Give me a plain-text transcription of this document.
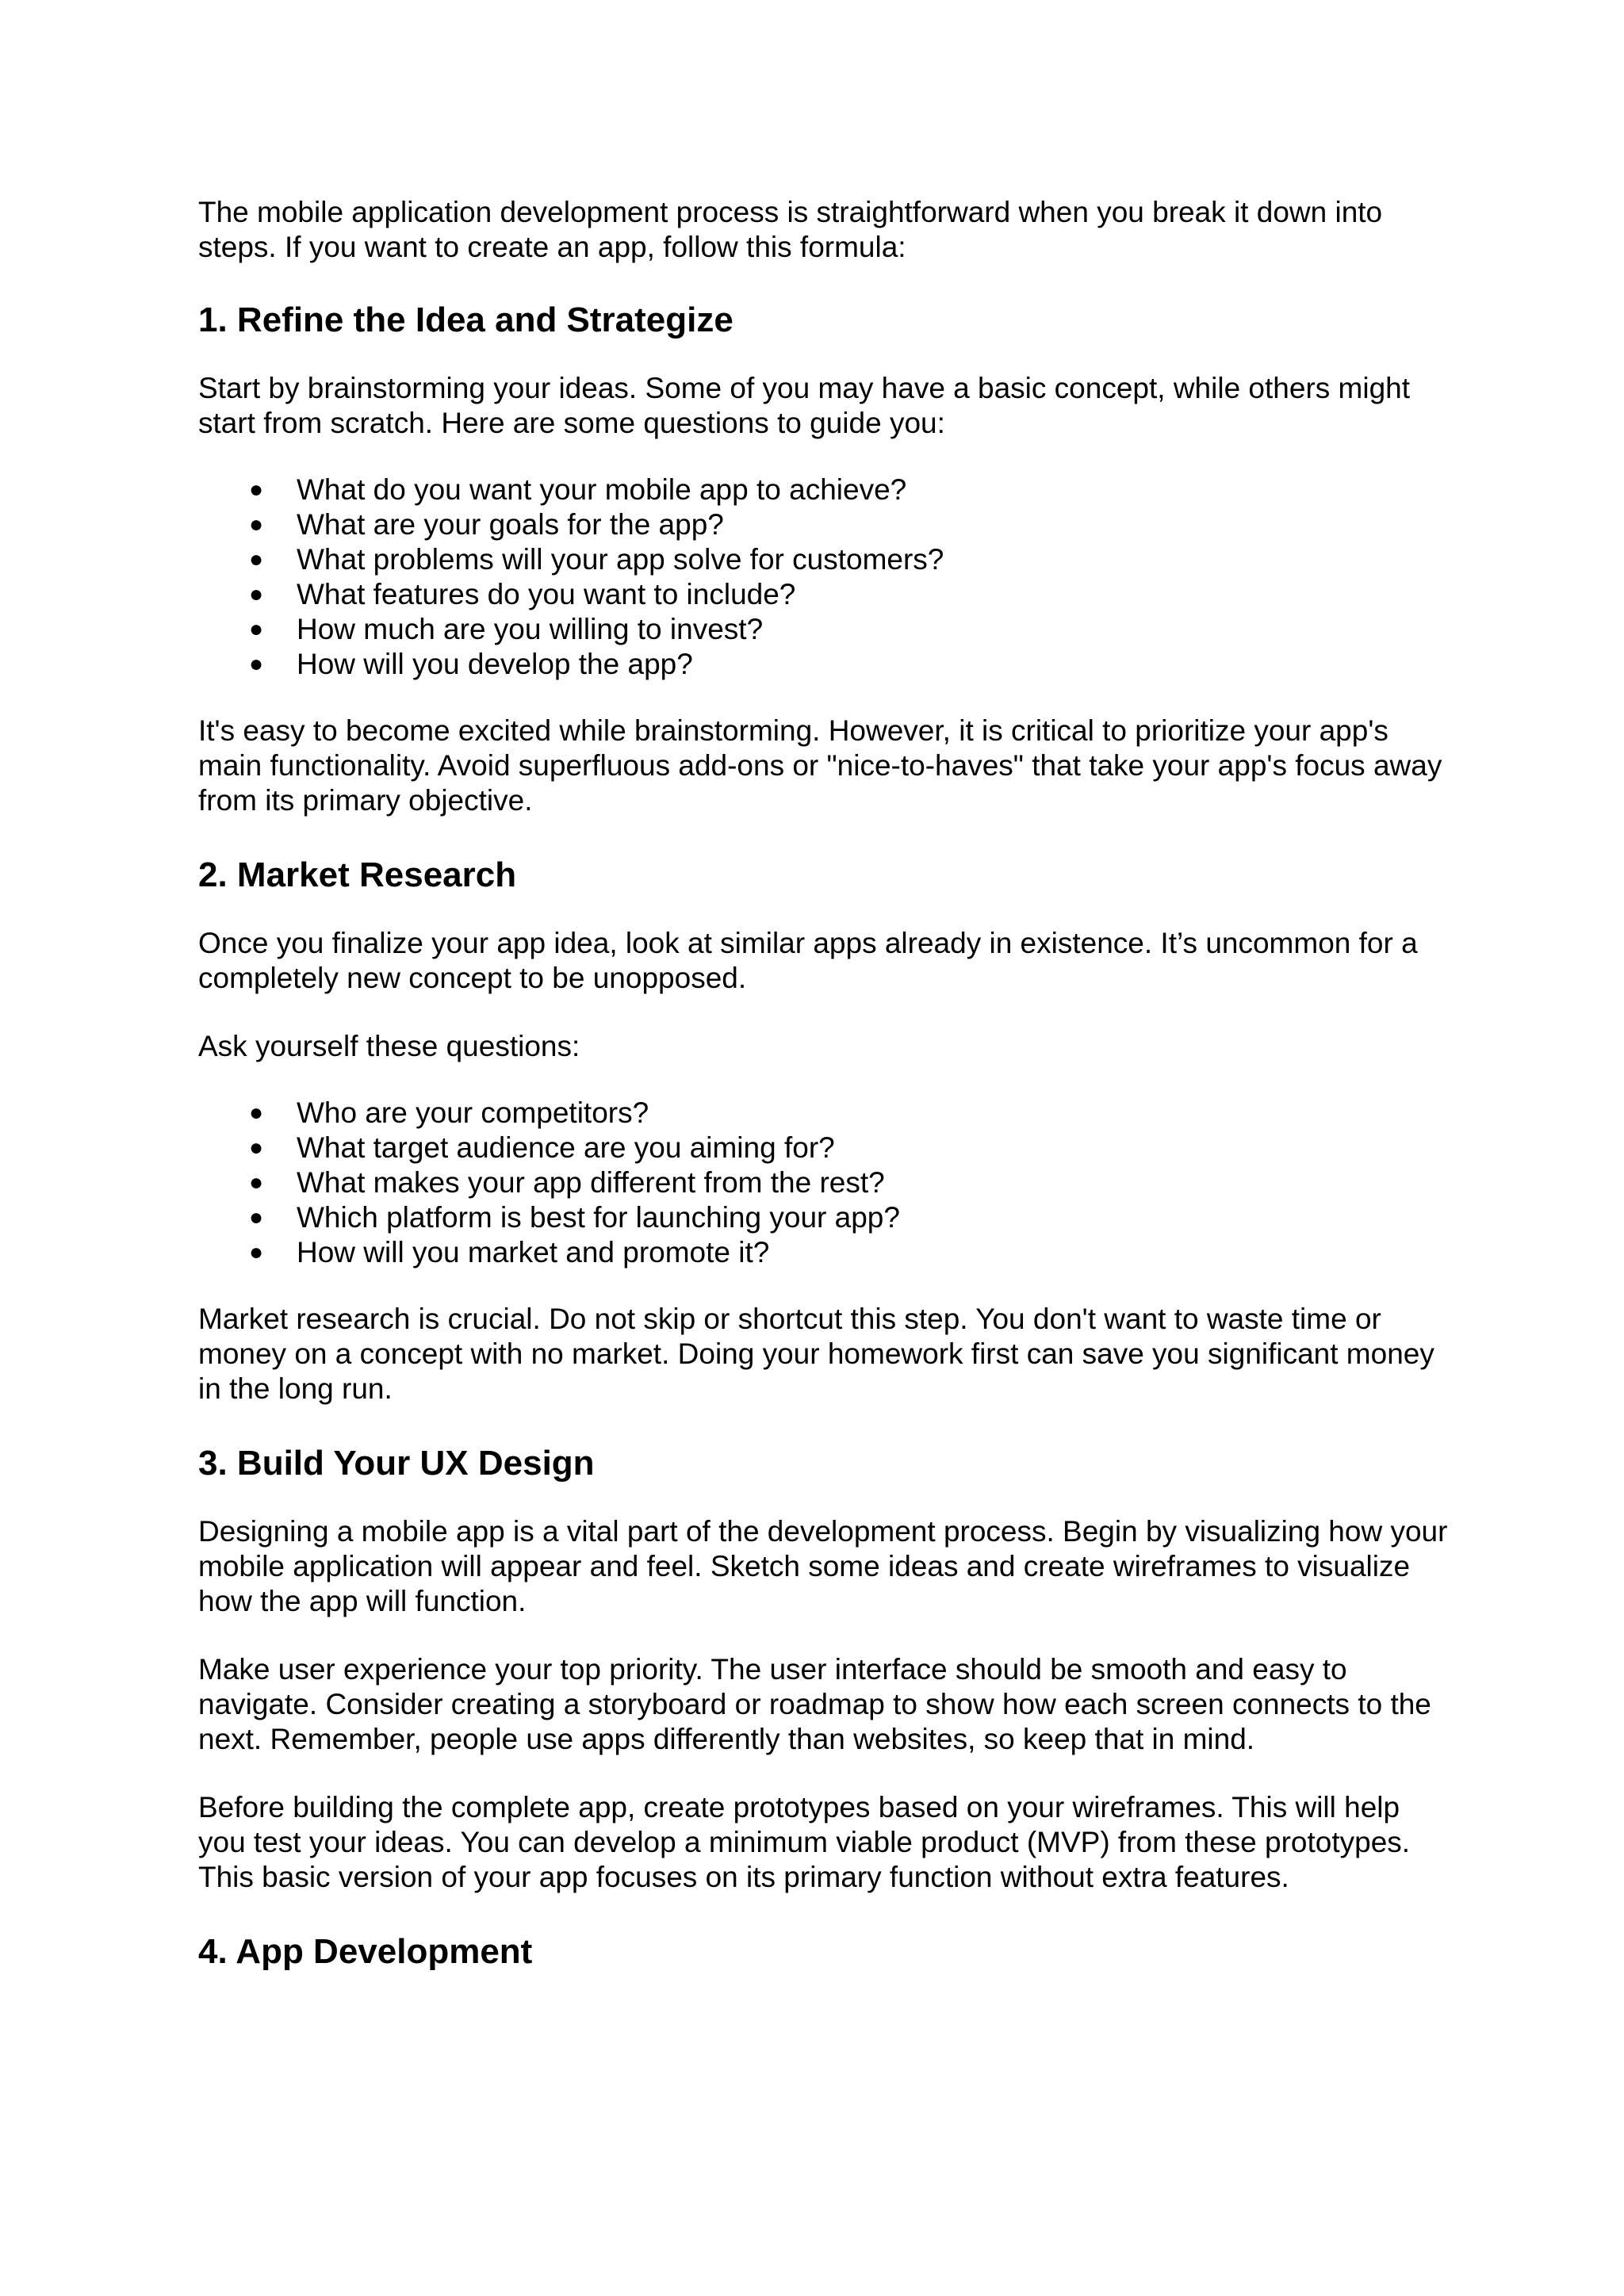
The mobile application development process is straightforward when you break it down into steps. If you want to create an app, follow this formula:

1. Refine the Idea and Strategize

Start by brainstorming your ideas. Some of you may have a basic concept, while others might start from scratch. Here are some questions to guide you:

● What do you want your mobile app to achieve?
● What are your goals for the app?
● What problems will your app solve for customers?
● What features do you want to include?
● How much are you willing to invest?
● How will you develop the app?

It's easy to become excited while brainstorming. However, it is critical to prioritize your app's main functionality. Avoid superfluous add-ons or "nice-to-haves" that take your app's focus away from its primary objective.

2. Market Research

Once you finalize your app idea, look at similar apps already in existence. It’s uncommon for a completely new concept to be unopposed.

Ask yourself these questions:

● Who are your competitors?
● What target audience are you aiming for?
● What makes your app different from the rest?
● Which platform is best for launching your app?
● How will you market and promote it?

Market research is crucial. Do not skip or shortcut this step. You don't want to waste time or money on a concept with no market. Doing your homework first can save you significant money in the long run.

3. Build Your UX Design

Designing a mobile app is a vital part of the development process. Begin by visualizing how your mobile application will appear and feel. Sketch some ideas and create wireframes to visualize how the app will function.

Make user experience your top priority. The user interface should be smooth and easy to navigate. Consider creating a storyboard or roadmap to show how each screen connects to the next. Remember, people use apps differently than websites, so keep that in mind.

Before building the complete app, create prototypes based on your wireframes. This will help you test your ideas. You can develop a minimum viable product (MVP) from these prototypes. This basic version of your app focuses on its primary function without extra features.

4. App Development
